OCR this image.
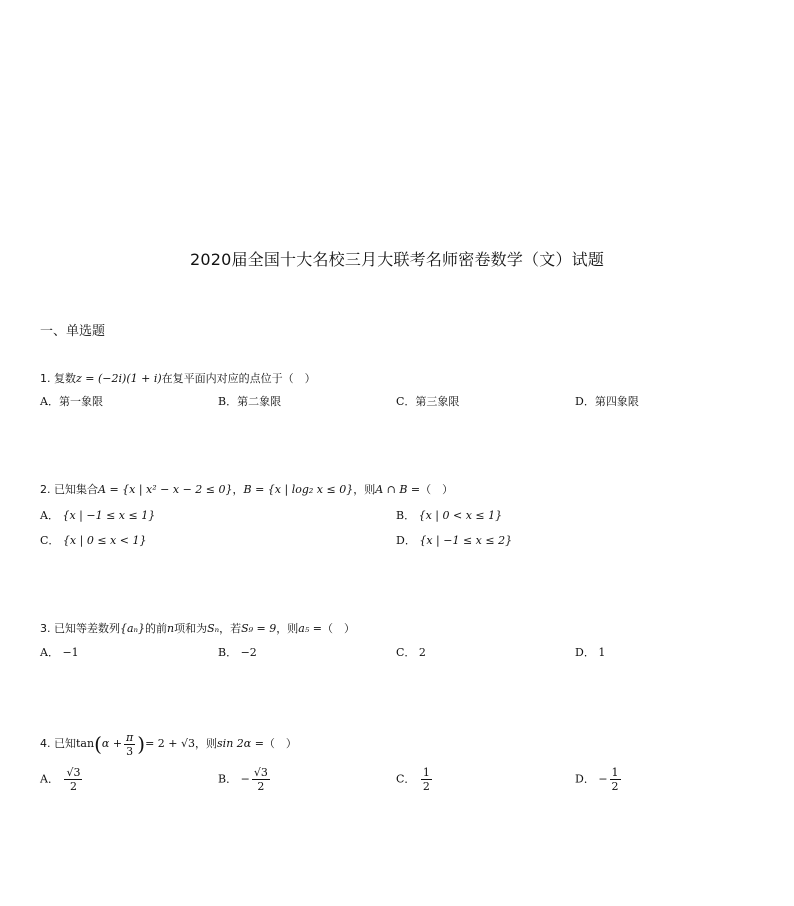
2020届全国十大名校三月大联考名师密卷数学（文）试题
一、单选题
1. 复数z = (−2i)(1 + i)在复平面内对应的点位于（　）
A．第一象限	B．第二象限	C．第三象限	D．第四象限
2. 已知集合A = {x | x² − x − 2 ≤ 0}，B = {x | log₂ x ≤ 0}，则A ∩ B =（　）
A． {x | −1 ≤ x ≤ 1}	B． {x | 0 < x ≤ 1}
C． {x | 0 ≤ x < 1}	D． {x | −1 ≤ x ≤ 2}
3. 已知等差数列{aₙ}的前n项和为Sₙ，若S₉ = 9，则a₅ =（　）
A． −1	B． −2	C． 2	D． 1
4. 已知$\tan(\alpha + \frac{\pi}{3}$ )= 2 + √3，则sin 2α =（　）
A． $\frac{√3}{2}$	B． − $\frac{√3}{2}$	C． $\frac{1}{2}$	D． − $\frac{1}{2}$
